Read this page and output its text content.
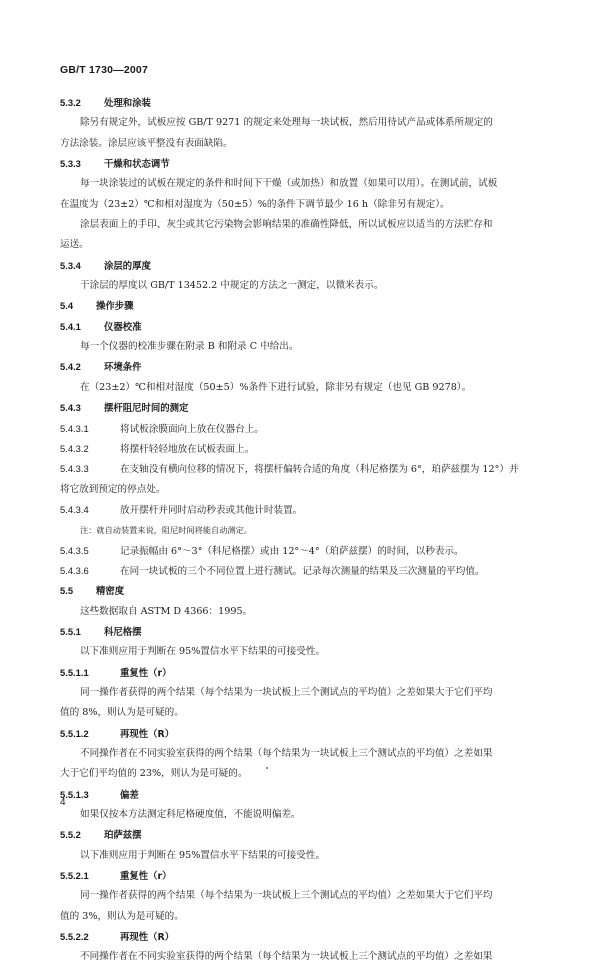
GB/T 1730—2007
5.3.2 处理和涂装
除另有规定外，试板应按 GB/T 9271 的规定来处理每一块试板，然后用待试产品或体系所规定的
方法涂装。涂层应该平整没有表面缺陷。
5.3.3 干燥和状态调节
每一块涂装过的试板在规定的条件和时间下干燥（或加热）和放置（如果可以用）。在测试前，试板
在温度为（23±2）℃和相对湿度为（50±5）%的条件下调节最少 16 h（除非另有规定）。
涂层表面上的手印、灰尘或其它污染物会影响结果的准确性降低，所以试板应以适当的方法贮存和
运送。
5.3.4 涂层的厚度
干涂层的厚度以 GB/T 13452.2 中规定的方法之一测定，以微米表示。
5.4 操作步骤
5.4.1 仪器校准
每一个仪器的校准步骤在附录 B 和附录 C 中给出。
5.4.2 环境条件
在（23±2）℃和相对湿度（50±5）%条件下进行试验，除非另有规定（也见 GB 9278）。
5.4.3 摆杆阻尼时间的测定
5.4.3.1	将试板涂膜面向上放在仪器台上。
5.4.3.2	将摆杆轻轻地放在试板表面上。
5.4.3.3	在支轴没有横向位移的情况下，将摆杆偏转合适的角度（科尼格摆为 6°，珀萨兹摆为 12°）并
将它放到预定的停点处。
5.4.3.4	放开摆杆并同时启动秒表或其他计时装置。
注：就自动装置来说，阻尼时间将能自动测定。
5.4.3.5	记录振幅由 6°～3°（科尼格摆）或由 12°～4°（珀萨兹摆）的时间，以秒表示。
5.4.3.6	在同一块试板的三个不同位置上进行测试。记录每次测量的结果及三次测量的平均值。
5.5 精密度
这些数据取自 ASTM D 4366：1995。
5.5.1 科尼格摆
以下准则应用于判断在 95%置信水平下结果的可接受性。
5.5.1.1	重复性（r）
同一操作者获得的两个结果（每个结果为一块试板上三个测试点的平均值）之差如果大于它们平均
值的 8%，则认为是可疑的。
5.5.1.2	再现性（R）
不同操作者在不同实验室获得的两个结果（每个结果为一块试板上三个测试点的平均值）之差如果
大于它们平均值的 23%，则认为是可疑的。
5.5.1.3	偏差
如果仅按本方法测定科尼格硬度值，不能说明偏差。
5.5.2 珀萨兹摆
以下准则应用于判断在 95%置信水平下结果的可接受性。
5.5.2.1	重复性（r）
同一操作者获得的两个结果（每个结果为一块试板上三个测试点的平均值）之差如果大于它们平均
值的 3%，则认为是可疑的。
5.5.2.2	再现性（R）
不同操作者在不同实验室获得的两个结果（每个结果为一块试板上三个测试点的平均值）之差如果
4
